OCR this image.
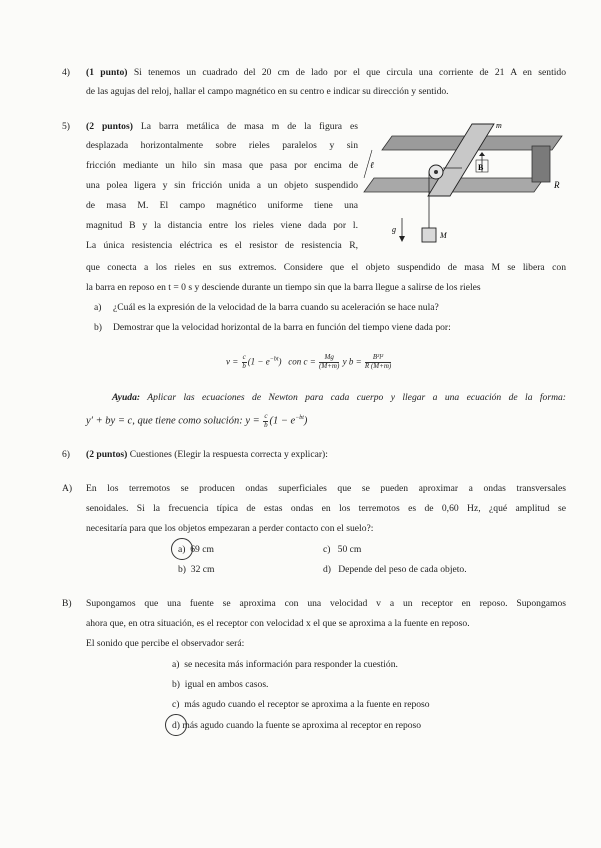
4) (1 punto) Si tenemos un cuadrado del 20 cm de lado por el que circula una corriente de 21 A en sentido
de las agujas del reloj, hallar el campo magnético en su centro e indicar su dirección y sentido.
5) (2 puntos) La barra metálica de masa m de la figura es
desplazada horizontalmente sobre rieles paralelos y sin
fricción mediante un hilo sin masa que pasa por encima de
una polea ligera y sin fricción unida a un objeto suspendido
de masa M. El campo magnético uniforme tiene una
magnitud B y la distancia entre los rieles viene dada por l.
La única resistencia eléctrica es el resistor de resistencia R,
que conecta a los rieles en sus extremos. Considere que el objeto suspendido de masa M se libera con
la barra en reposo en t = 0 s y desciende durante un tiempo sin que la barra llegue a salirse de los rieles
m
ℓ	B
R
g
M
a) ¿Cuál es la expresión de la velocidad de la barra cuando su aceleración se hace nula?
b) Demostrar que la velocidad horizontal de la barra en función del tiempo viene dada por:
$v = \frac{c}{b} (1 - e^{-bt})$ con $c = \frac{Mg}{(M+m)}$ y $b = \frac{\text{B²l²}}{R (M+m)}$
Ayuda: Aplicar las ecuaciones de Newton para cada cuerpo y llegar a una ecuación de la forma:
y′ + by = c, que tiene como solución: $y = \frac{c}{b} (1 - e^{-bt})$
6) (2 puntos) Cuestiones (Elegir la respuesta correcta y explicar):
A) En los terremotos se producen ondas superficiales que se pueden aproximar a ondas transversales
senoidales. Si la frecuencia típica de estas ondas en los terremotos es de 0,60 Hz, ¿qué amplitud se
necesitaría para que los objetos empezaran a perder contacto con el suelo?:
a) 69 cm	c) 50 cm
b) 32 cm	d) Depende del peso de cada objeto.
B) Supongamos que una fuente se aproxima con una velocidad v a un receptor en reposo. Supongamos
ahora que, en otra situación, es el receptor con velocidad x el que se aproxima a la fuente en reposo.
El sonido que percibe el observador será:
a) se necesita más información para responder la cuestión.
b) igual en ambos casos.
c) más agudo cuando el receptor se aproxima a la fuente en reposo
d) más agudo cuando la fuente se aproxima al receptor en reposo
